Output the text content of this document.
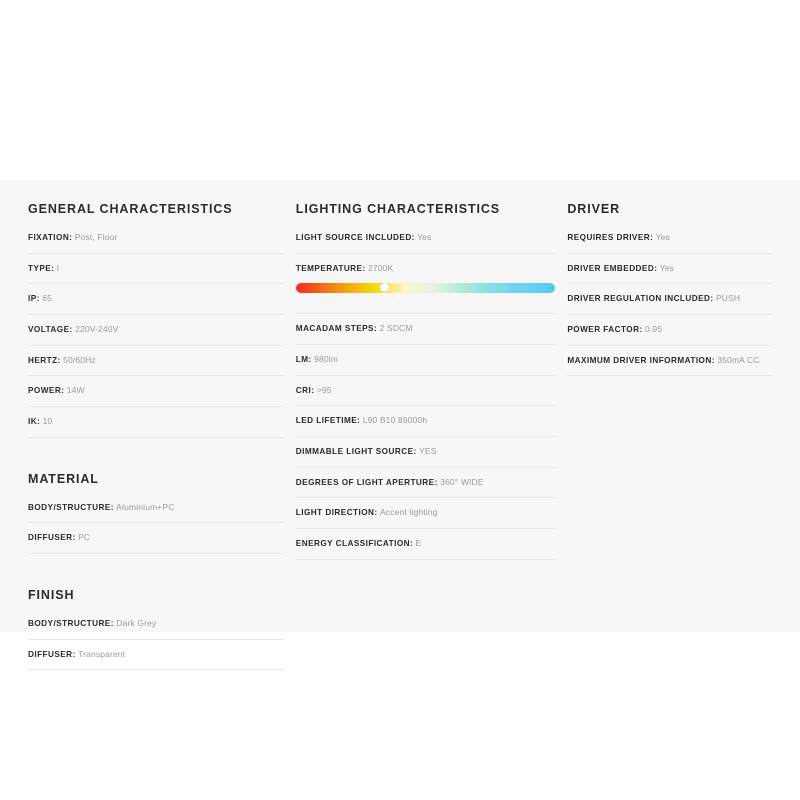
GENERAL CHARACTERISTICS
FIXATION: Post, Floor
TYPE: I
IP: 65
VOLTAGE: 220V-240V
HERTZ: 50/60Hz
POWER: 14W
IK: 10
MATERIAL
BODY/STRUCTURE: Aluminium+PC
DIFFUSER: PC
FINISH
BODY/STRUCTURE: Dark Grey
DIFFUSER: Transparent
LIGHTING CHARACTERISTICS
LIGHT SOURCE INCLUDED: Yes
TEMPERATURE: 2700K
MACADAM STEPS: 2 SDCM
LM: 980lm
CRI: >95
LED LIFETIME: L90 B10 89000h
DIMMABLE LIGHT SOURCE: YES
DEGREES OF LIGHT APERTURE: 360° WIDE
LIGHT DIRECTION: Accent lighting
ENERGY CLASSIFICATION: E
DRIVER
REQUIRES DRIVER: Yes
DRIVER EMBEDDED: Yes
DRIVER REGULATION INCLUDED: PUSH
POWER FACTOR: 0.95
MAXIMUM DRIVER INFORMATION: 350mA CC
